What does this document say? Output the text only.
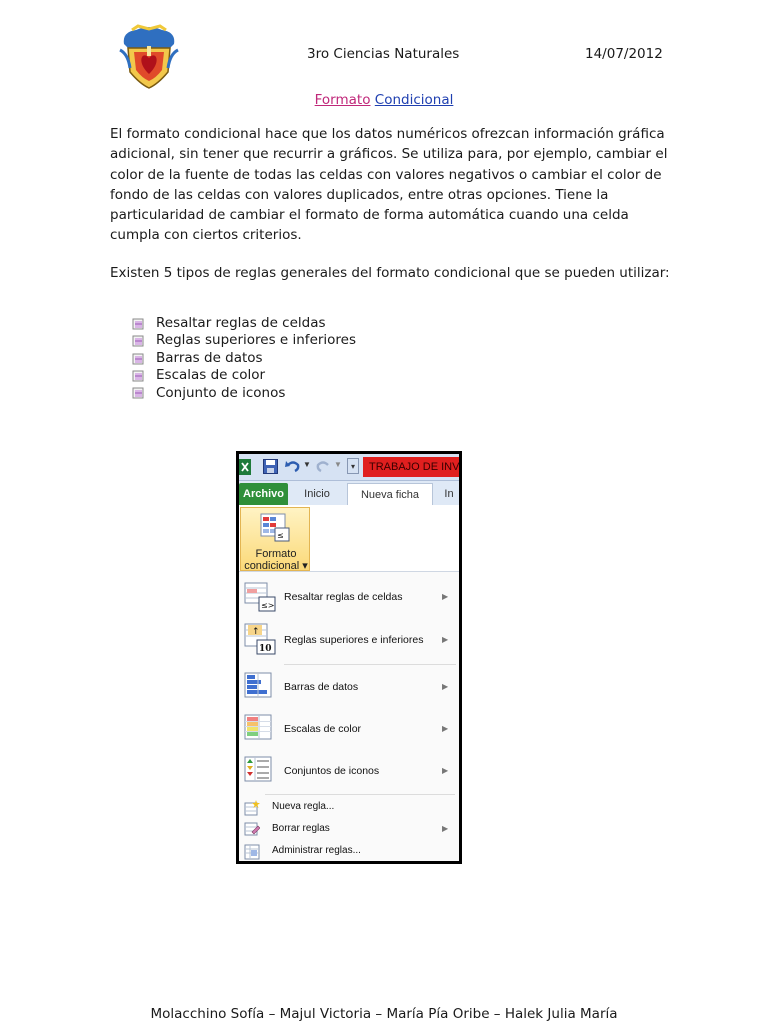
3ro Ciencias Naturales	14/07/2012
Formato Condicional
El formato condicional hace que los datos numéricos ofrezcan información gráfica adicional, sin tener que recurrir a gráficos. Se utiliza para, por ejemplo, cambiar el color de la fuente de todas las celdas con valores negativos o cambiar el color de fondo de las celdas con valores duplicados, entre otras opciones. Tiene la particularidad de cambiar el formato de forma automática cuando una celda cumpla con ciertos criterios.
Existen 5 tipos de reglas generales del formato condicional que se pueden utilizar:
Resaltar reglas de celdas
Reglas superiores e inferiores
Barras de datos
Escalas de color
Conjunto de iconos
▼	▼	▾	TRABAJO DE INV
Archivo	Inicio	Nueva ficha	In
≤
Formato
condicional ▾
≤>
Resaltar reglas de celdas	▶
↑
10
Reglas superiores e inferiores ▶
Barras de datos	▶
Escalas de color	▶
Conjuntos de iconos	▶
Nueva regla...
Borrar reglas	▶
Administrar reglas...
Molacchino Sofía – Majul Victoria – María Pía Oribe – Halek Julia María
